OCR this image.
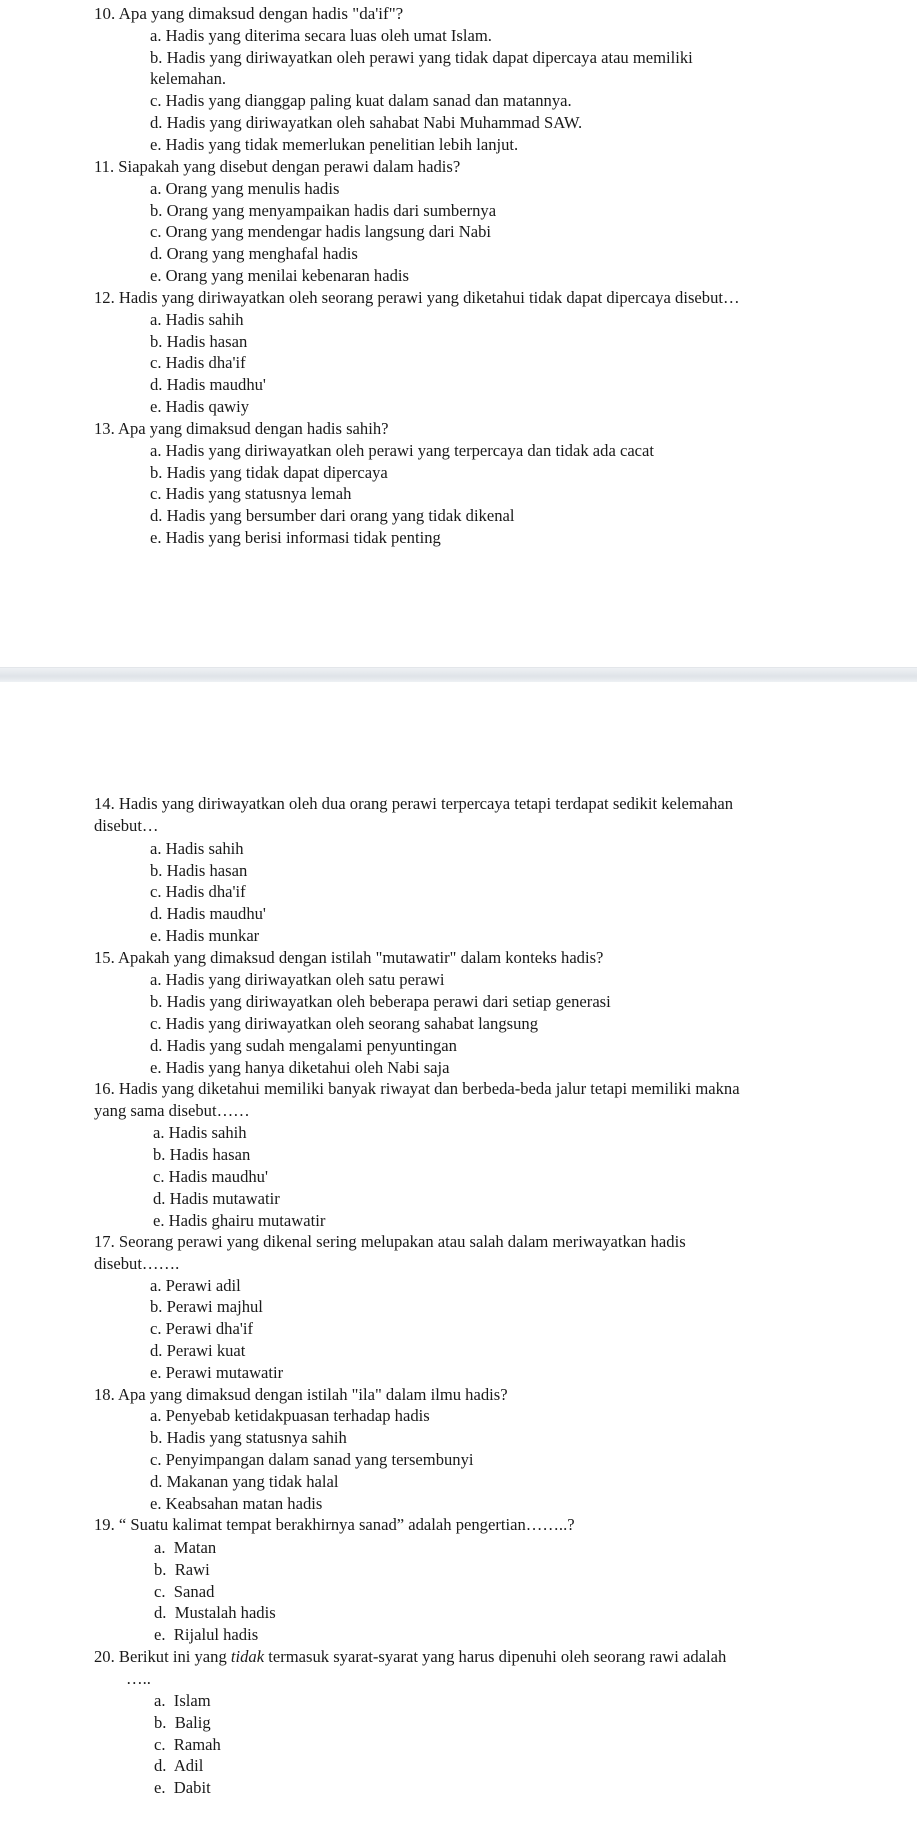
10. Apa yang dimaksud dengan hadis "da'if"?
a. Hadis yang diterima secara luas oleh umat Islam.
b. Hadis yang diriwayatkan oleh perawi yang tidak dapat dipercaya atau memiliki
kelemahan.
c. Hadis yang dianggap paling kuat dalam sanad dan matannya.
d. Hadis yang diriwayatkan oleh sahabat Nabi Muhammad SAW.
e. Hadis yang tidak memerlukan penelitian lebih lanjut.
11. Siapakah yang disebut dengan perawi dalam hadis?
a. Orang yang menulis hadis
b. Orang yang menyampaikan hadis dari sumbernya
c. Orang yang mendengar hadis langsung dari Nabi
d. Orang yang menghafal hadis
e. Orang yang menilai kebenaran hadis
12. Hadis yang diriwayatkan oleh seorang perawi yang diketahui tidak dapat dipercaya disebut…
a. Hadis sahih
b. Hadis hasan
c. Hadis dha'if
d. Hadis maudhu'
e. Hadis qawiy
13. Apa yang dimaksud dengan hadis sahih?
a. Hadis yang diriwayatkan oleh perawi yang terpercaya dan tidak ada cacat
b. Hadis yang tidak dapat dipercaya
c. Hadis yang statusnya lemah
d. Hadis yang bersumber dari orang yang tidak dikenal
e. Hadis yang berisi informasi tidak penting
14. Hadis yang diriwayatkan oleh dua orang perawi terpercaya tetapi terdapat sedikit kelemahan
disebut…
a. Hadis sahih
b. Hadis hasan
c. Hadis dha'if
d. Hadis maudhu'
e. Hadis munkar
15. Apakah yang dimaksud dengan istilah "mutawatir" dalam konteks hadis?
a. Hadis yang diriwayatkan oleh satu perawi
b. Hadis yang diriwayatkan oleh beberapa perawi dari setiap generasi
c. Hadis yang diriwayatkan oleh seorang sahabat langsung
d. Hadis yang sudah mengalami penyuntingan
e. Hadis yang hanya diketahui oleh Nabi saja
16. Hadis yang diketahui memiliki banyak riwayat dan berbeda-beda jalur tetapi memiliki makna
yang sama disebut……
a. Hadis sahih
b. Hadis hasan
c. Hadis maudhu'
d. Hadis mutawatir
e. Hadis ghairu mutawatir
17. Seorang perawi yang dikenal sering melupakan atau salah dalam meriwayatkan hadis
disebut…….
a. Perawi adil
b. Perawi majhul
c. Perawi dha'if
d. Perawi kuat
e. Perawi mutawatir
18. Apa yang dimaksud dengan istilah "ila" dalam ilmu hadis?
a. Penyebab ketidakpuasan terhadap hadis
b. Hadis yang statusnya sahih
c. Penyimpangan dalam sanad yang tersembunyi
d. Makanan yang tidak halal
e. Keabsahan matan hadis
19. “ Suatu kalimat tempat berakhirnya sanad” adalah pengertian……..?
a.  Matan
b.  Rawi
c.  Sanad
d.  Mustalah hadis
e.  Rijalul hadis
20. Berikut ini yang tidak termasuk syarat-syarat yang harus dipenuhi oleh seorang rawi adalah
…..
a.  Islam
b.  Balig
c.  Ramah
d.  Adil
e.  Dabit
